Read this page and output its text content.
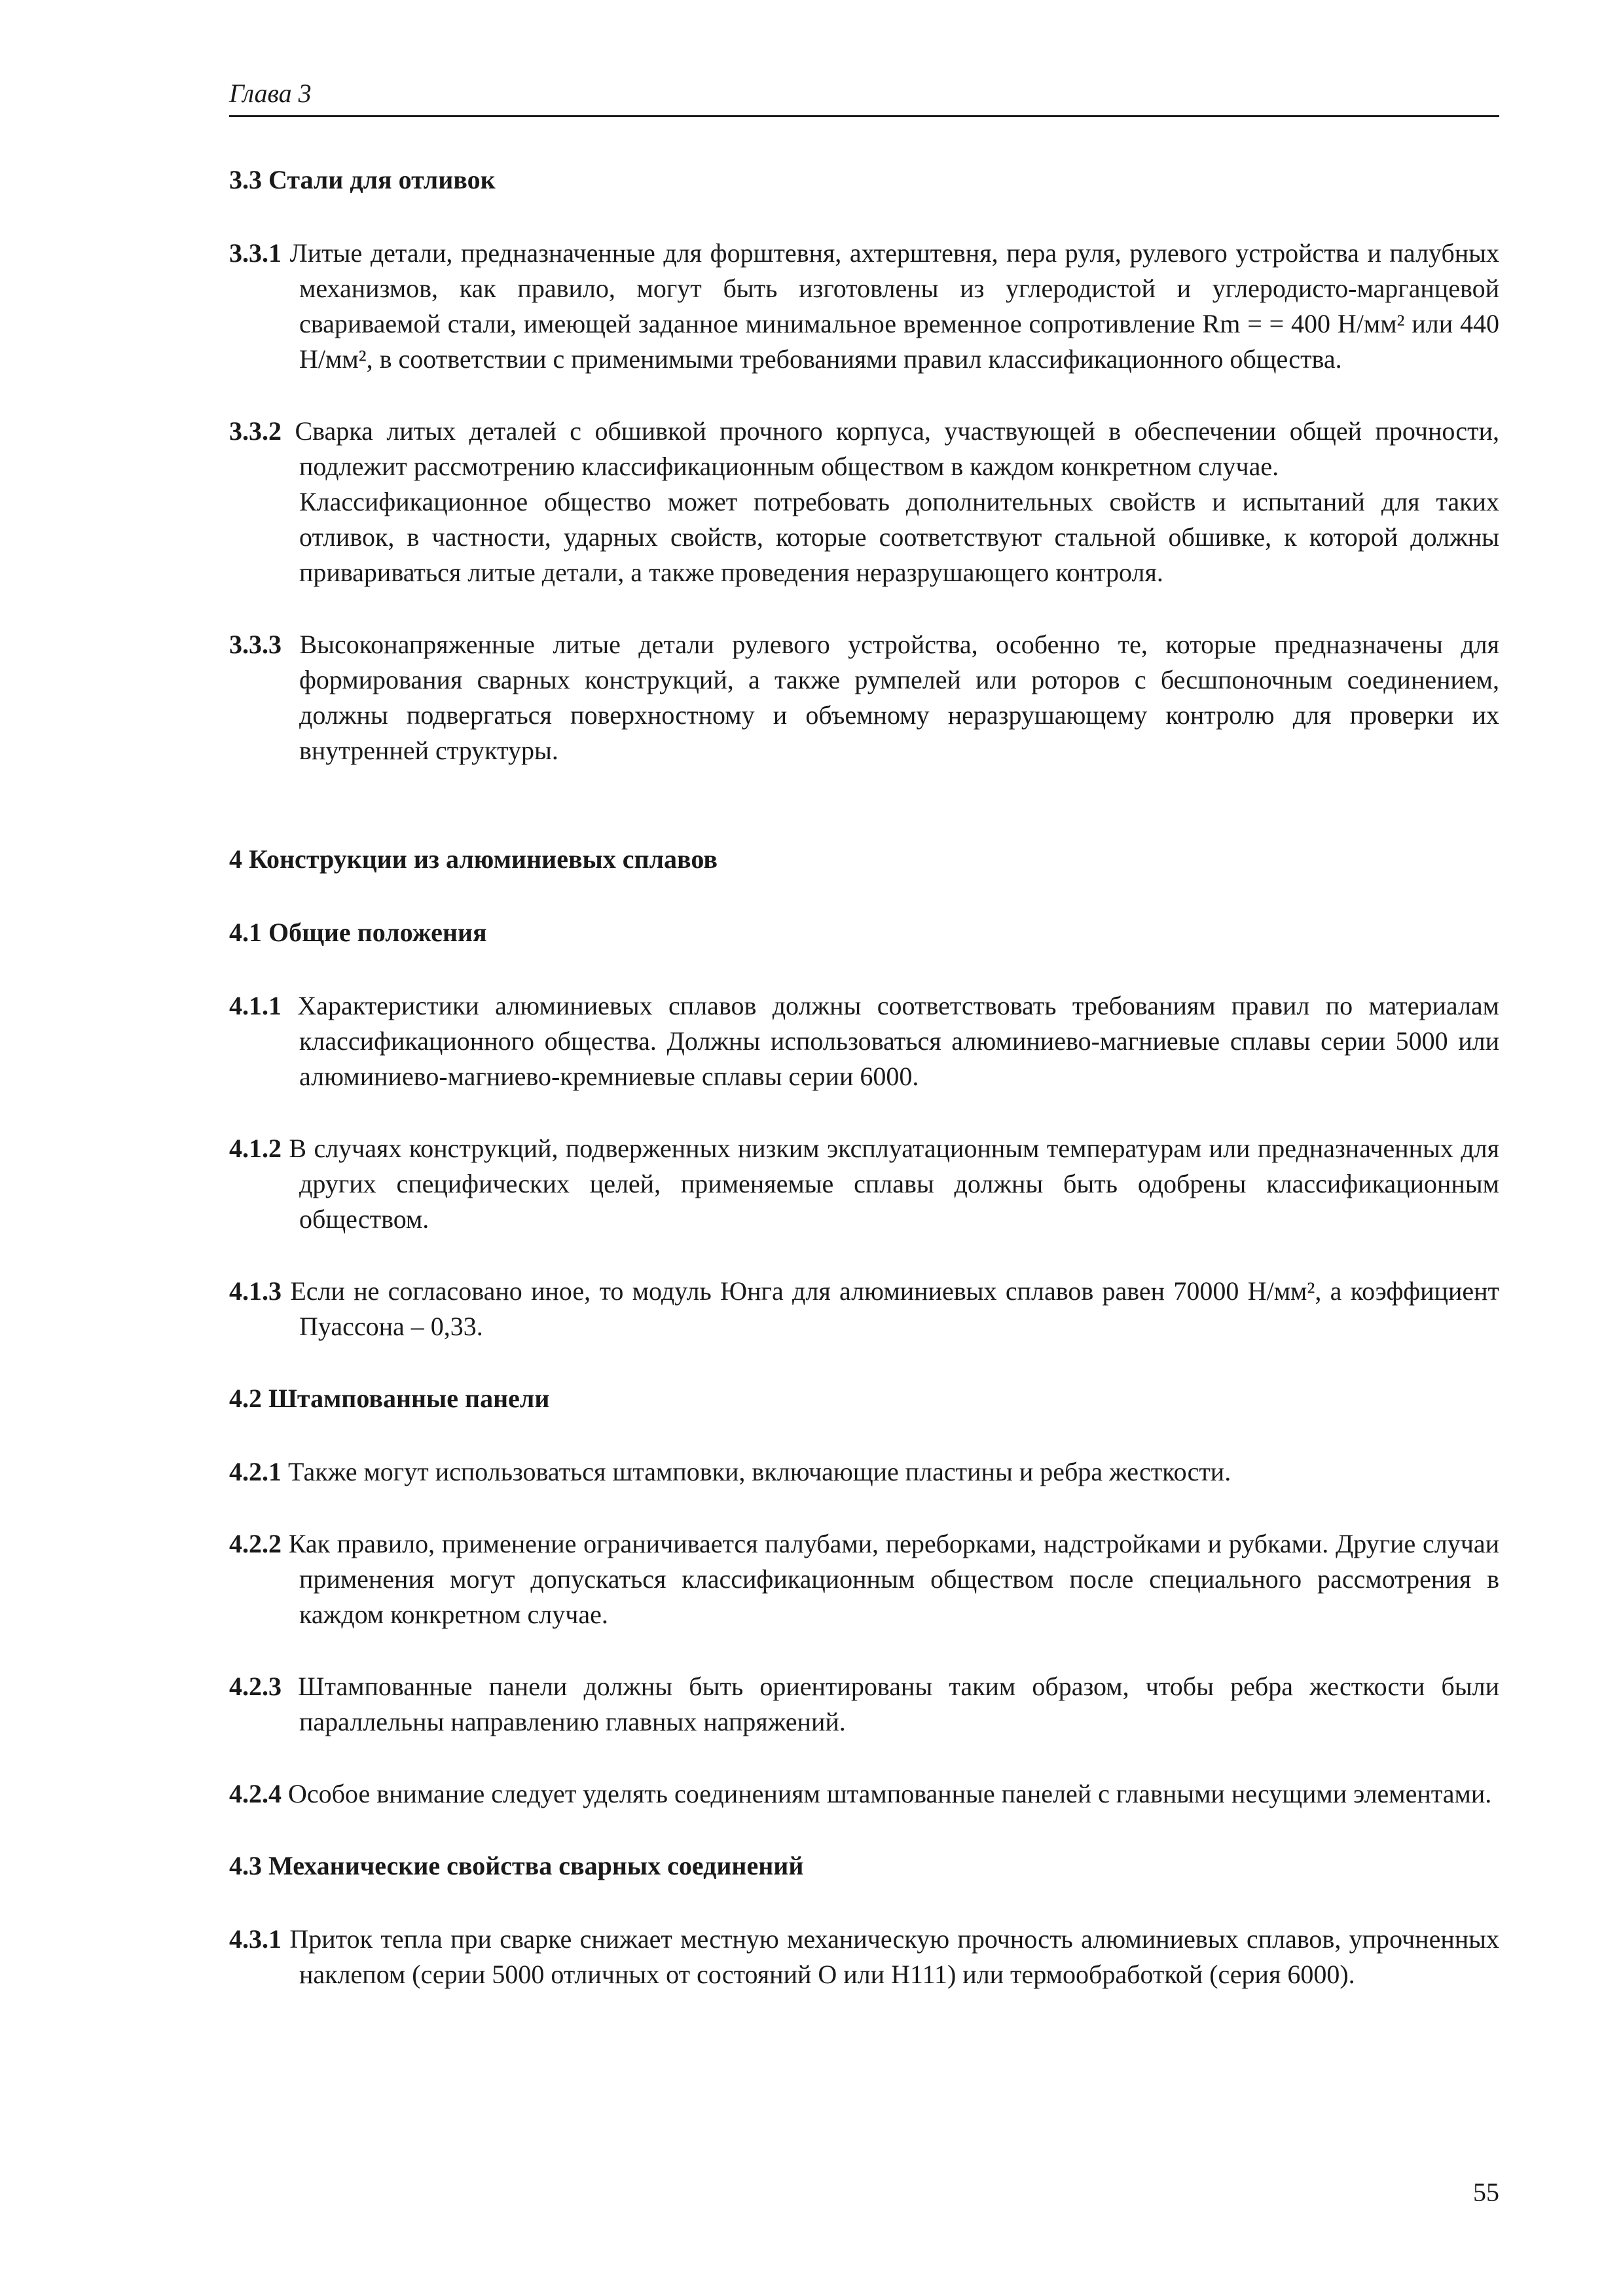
Глава 3
3.3 Стали для отливок
3.3.1 Литые детали, предназначенные для форштевня, ахтерштевня, пера руля, рулевого устройства и палубных механизмов, как правило, могут быть изготовлены из углеродистой и углеродисто-марганцевой свариваемой стали, имеющей заданное минимальное временное сопротивление Rm = = 400 Н/мм² или 440 Н/мм², в соответствии с применимыми требованиями правил классификационного общества.
3.3.2 Сварка литых деталей с обшивкой прочного корпуса, участвующей в обеспечении общей прочности, подлежит рассмотрению классификационным обществом в каждом конкретном случае.
Классификационное общество может потребовать дополнительных свойств и испытаний для таких отливок, в частности, ударных свойств, которые соответствуют стальной обшивке, к которой должны привариваться литые детали, а также проведения неразрушающего контроля.
3.3.3 Высоконапряженные литые детали рулевого устройства, особенно те, которые предназначены для формирования сварных конструкций, а также румпелей или роторов с бесшпоночным соединением, должны подвергаться поверхностному и объемному неразрушающему контролю для проверки их внутренней структуры.
4 Конструкции из алюминиевых сплавов
4.1 Общие положения
4.1.1 Характеристики алюминиевых сплавов должны соответствовать требованиям правил по материалам классификационного общества. Должны использоваться алюминиево-магниевые сплавы серии 5000 или алюминиево-магниево-кремниевые сплавы серии 6000.
4.1.2 В случаях конструкций, подверженных низким эксплуатационным температурам или предназначенных для других специфических целей, применяемые сплавы должны быть одобрены классификационным обществом.
4.1.3 Если не согласовано иное, то модуль Юнга для алюминиевых сплавов равен 70000 Н/мм², а коэффициент Пуассона – 0,33.
4.2 Штампованные панели
4.2.1 Также могут использоваться штамповки, включающие пластины и ребра жесткости.
4.2.2 Как правило, применение ограничивается палубами, переборками, надстройками и рубками. Другие случаи применения могут допускаться классификационным обществом после специального рассмотрения в каждом конкретном случае.
4.2.3 Штампованные панели должны быть ориентированы таким образом, чтобы ребра жесткости были параллельны направлению главных напряжений.
4.2.4 Особое внимание следует уделять соединениям штампованные панелей с главными несущими элементами.
4.3 Механические свойства сварных соединений
4.3.1 Приток тепла при сварке снижает местную механическую прочность алюминиевых сплавов, упрочненных наклепом (серии 5000 отличных от состояний О или Н111) или термообработкой (серия 6000).
55
